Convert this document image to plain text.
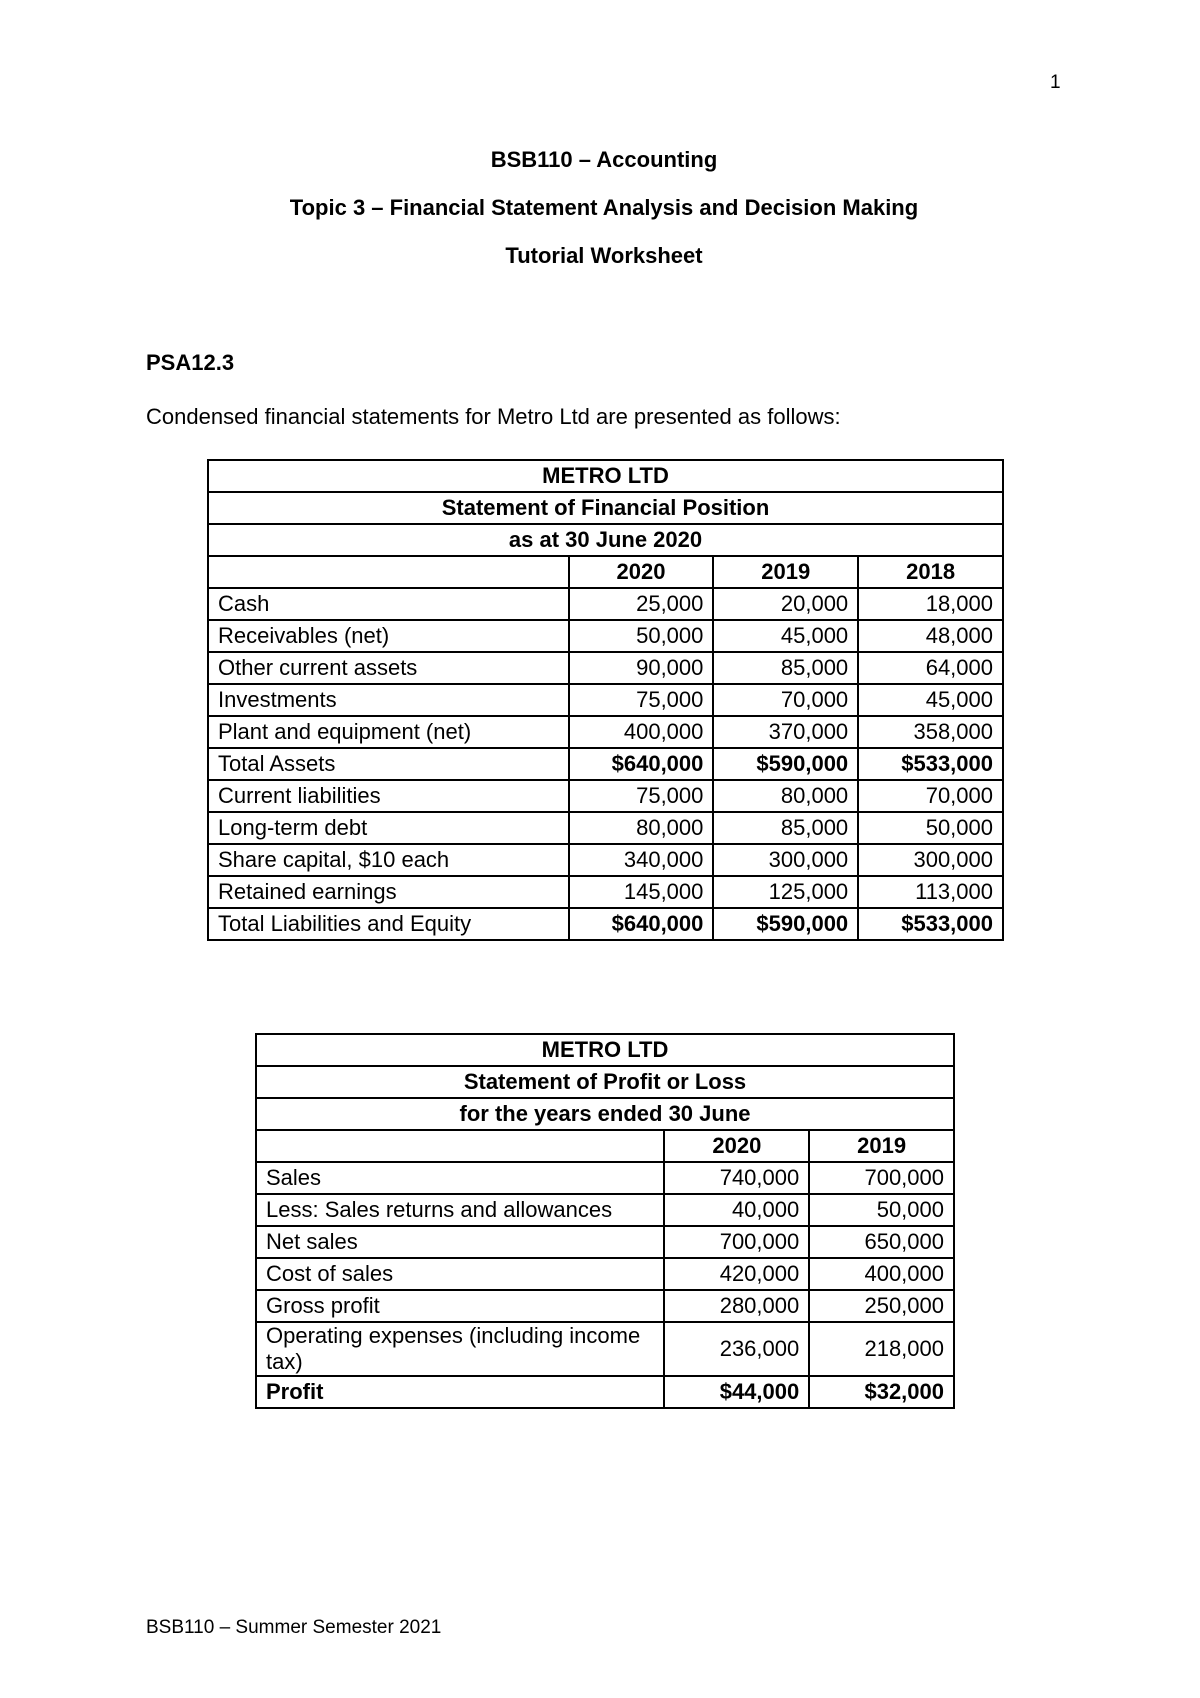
1
BSB110 – Accounting
Topic 3 – Financial Statement Analysis and Decision Making
Tutorial Worksheet
PSA12.3
Condensed financial statements for Metro Ltd are presented as follows:
METRO LTD			
Statement of Financial Position			
as at 30 June 2020			
	2020	2019	2018
Cash	25,000	20,000	18,000
Receivables (net)	50,000	45,000	48,000
Other current assets	90,000	85,000	64,000
Investments	75,000	70,000	45,000
Plant and equipment (net)	400,000	370,000	358,000
Total Assets	$640,000	$590,000	$533,000
Current liabilities	75,000	80,000	70,000
Long-term debt	80,000	85,000	50,000
Share capital, $10 each	340,000	300,000	300,000
Retained earnings	145,000	125,000	113,000
Total Liabilities and Equity	$640,000	$590,000	$533,000
METRO LTD		
Statement of Profit or Loss		
for the years ended 30 June		
	2020	2019
Sales	740,000	700,000
Less: Sales returns and allowances	40,000	50,000
Net sales	700,000	650,000
Cost of sales	420,000	400,000
Gross profit	280,000	250,000
Operating expenses (including income tax)	236,000	218,000
Profit	$44,000	$32,000
BSB110 – Summer Semester 2021
